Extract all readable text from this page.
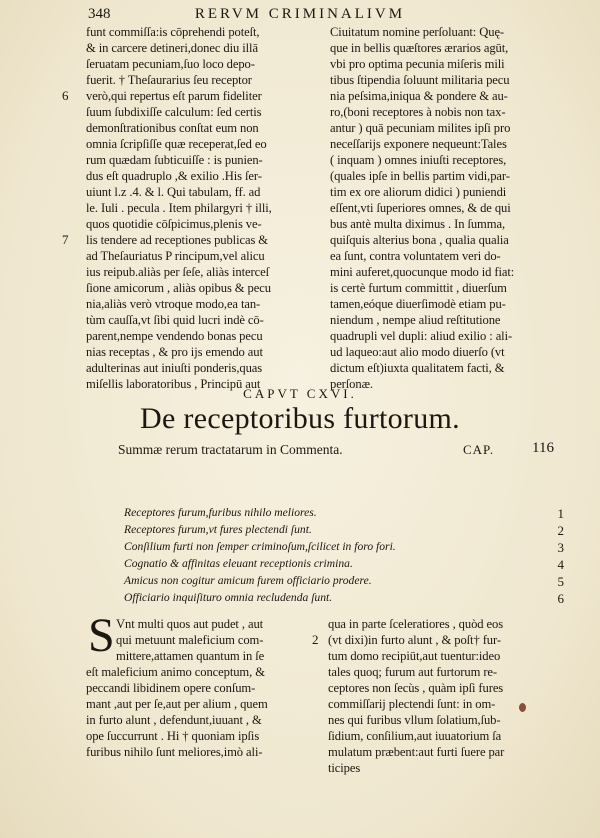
348	RERVM CRIMINALIVM
funt commiſſa:is cōprehendi poteſt,
& in carcere detineri,donec diu illā
ſeruatam pecuniam,ſuo loco depo-
fuerit. † Theſaurarius ſeu receptor
verò,qui repertus eſt parum fideliter
ſuum ſubdixiſſe calculum: ſed certis
demonſtrationibus conſtat eum non
omnia ſcripſiſſe quæ receperat,ſed eo
rum quædam ſubticuiſſe : is punien-
dus eſt quadruplo ,& exilio .His ſer-
uiunt l.z .4. & l. Qui tabulam, ff. ad
le. Iuli . pecula . Item philargyri † illi,
quos quotidie cōſpicimus,plenis ve-
lis tendere ad receptiones publicas &
ad Theſauriatus P rincipum,vel alicu
ius reipub.aliàs per ſeſe, aliàs interceſ
ſione amicorum , aliàs opibus & pecu
nia,aliàs verò vtroque modo,ea tan-
tùm cauſſa,vt ſibi quid lucri indè cō-
parent,nempe vendendo bonas pecu
nias receptas , & pro ijs emendo aut
adulterinas aut iniuſti ponderis,quas
miſellis laboratoribus , Principū aut
Ciuitatum nomine perſoluant: Quę-
que in bellis quæſtores ærarios agūt,
vbi pro optima pecunia miſeris mili
tibus ſtipendia ſoluunt militaria pecu
nia peſsima,iniqua & pondere & au-
ro,(boni receptores à nobis non tax-
antur ) quā pecuniam milites ipſi pro
neceſſarijs exponere nequeunt:Tales
( inquam ) omnes iniuſti receptores,
(quales ipſe in bellis partim vidi,par-
tim ex ore aliorum didici ) puniendi
eſſent,vti ſuperiores omnes, & de qui
bus antè multa diximus . In ſumma,
quiſquis alterius bona , qualia qualia
ea ſunt, contra voluntatem veri do-
mini auferet,quocunque modo id fiat:
is certè furtum committit , diuerſum
tamen,eóque diuerſimodè etiam pu-
niendum , nempe aliud reſtitutione
quadrupli vel dupli: aliud exilio : ali-
ud laqueo:aut alio modo diuerſo (vt
dictum eſt)iuxta qualitatem facti, &
perſonæ.
6
7
CAPVT CXVI.
De receptoribus furtorum.
Summæ rerum tractatarum in Commenta.	CAP.	116
Receptores furum,furibus nihilo meliores.	1
Receptores furum,vt fures plectendi ſunt.	2
Conſilium furti non ſemper criminoſum,ſcilicet in foro fori.	3
Cognatio & affinitas eleuant receptionis crimina.	4
Amicus non cogitur amicum furem officiario prodere.	5
Officiario inquiſituro omnia recludenda ſunt.	6
S Vnt multi quos aut pudet , aut
qui metuunt maleficium com-
mittere,attamen quantum in ſe
eſt maleficium animo conceptum, &
peccandi libidinem opere conſum-
mant ,aut per ſe,aut per alium , quem
in furto alunt , defendunt,iuuant , &
ope ſuccurrunt . Hi † quoniam ipſis
furibus nihilo ſunt meliores,imò ali-
qua in parte ſceleratiores , quòd eos
(vt dixi)in furto alunt , & poſt† fur-
tum domo recipiūt,aut tuentur:ideo
tales quoq; furum aut furtorum re-
ceptores non ſecùs , quàm ipſi fures
commiſſarij plectendi ſunt: in om-
nes qui furibus vllum ſolatium,ſub-
ſidium, conſilium,aut iuuatorium ſa
mulatum præbent:aut furti ſuere par
ticipes
2
